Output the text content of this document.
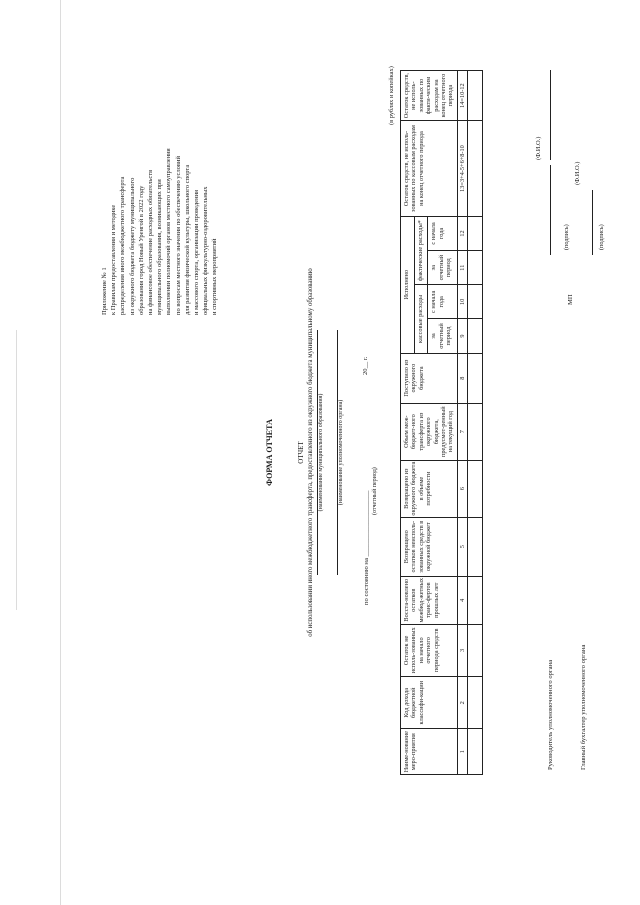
Приложение № 1 к Правилам предоставления и методике распределения иного межбюджетного трансферта из окружного бюджета бюджету муниципального образования город Новый Уренгой в 2022 году на финансовое обеспечение расходных обязательств муниципального образования, возникающих при выполнении полномочий органов местного самоуправления по вопросам местного значения по обеспечению условий для развития физической культуры, школьного спорта и массового спорта, организации проведения официальных физкультурно-оздоровительных и спортивных мероприятий
ФОРМА ОТЧЕТА	ОТЧЕТ об использовании иного межбюджетного трансферта, предоставленного из окружного бюджета муниципальному образованию (наименование муниципального образования) (наименование уполномоченного органа)
по состоянию на ____________________
20__ г.
(отчетный период)
(в рублях и копейках)
Наиме-нование меро-приятия	Код дохода бюджетной классифи-кации	Остаток не исполь-зованных на начало отчетного периода средств	Восста-новлено остатков межбюд-жетных транс-фертов прошлых лет	Возвращено остатков неисполь-зованных средств в окружной бюджет	Возвращено из окружного бюджета в объеме потребности	Объем меж-бюджет-ного трансферта из окружного бюджета, предусмот-ренный на текущий год	Поступило из окружного бюджета	Исполнено				Остаток средств, не исполь-зованных по кассовым расходам на конец отчетного периода	Остаток средств, не исполь-зованных по факти-ческим расходам на конец отчетного периода
								кассовые расходы		фактические расходы*			
								за отчетный период	с начала года	за отчетный период	с начала года		
1	2	3	4	5	6	7	8	9	10	11	12	13=3+4-5+6+8-10	14=10-12

Руководитель уполномоченного органа	Главный бухгалтер уполномоченного органа
(Ф.И.О.)
(подпись)
МП
(Ф.И.О.)
(подпись)
